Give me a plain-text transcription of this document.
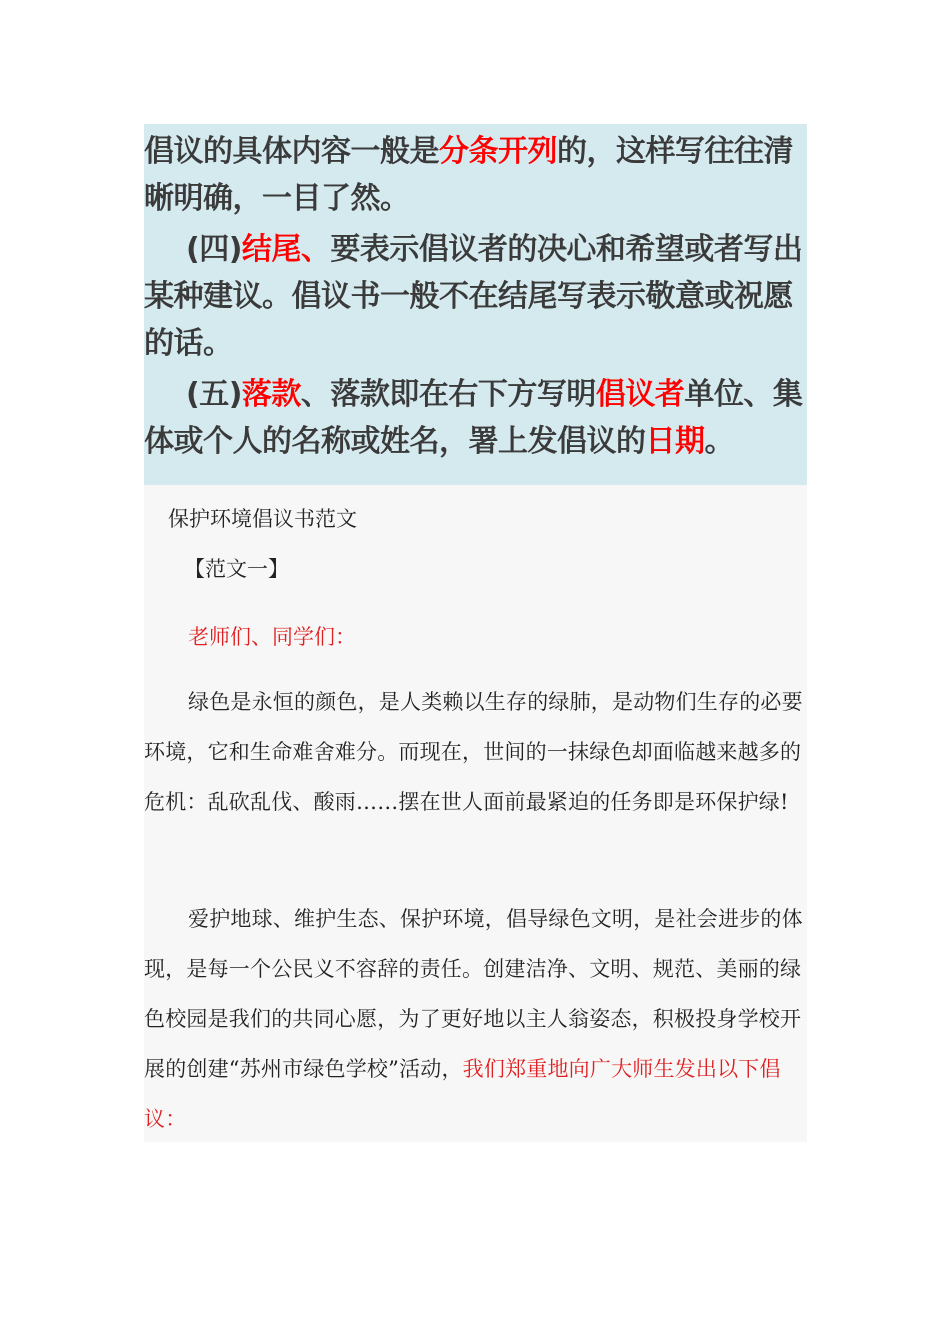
倡议的具体内容一般是分条开列的，这样写往往清晰明确，一目了然。

(四)结尾、要表示倡议者的决心和希望或者写出某种建议。倡议书一般不在结尾写表示敬意或祝愿的话。

(五)落款、落款即在右下方写明倡议者单位、集体或个人的名称或姓名，署上发倡议的日期。

保护环境倡议书范文
【范文一】
老师们、同学们：

绿色是永恒的颜色，是人类赖以生存的绿肺，是动物们生存的必要环境，它和生命难舍难分。而现在，世间的一抹绿色却面临越来越多的危机：乱砍乱伐、酸雨……摆在世人面前最紧迫的任务即是环保护绿!

爱护地球、维护生态、保护环境，倡导绿色文明，是社会进步的体现，是每一个公民义不容辞的责任。创建洁净、文明、规范、美丽的绿色校园是我们的共同心愿，为了更好地以主人翁姿态，积极投身学校开展的创建“苏州市绿色学校”活动，我们郑重地向广大师生发出以下倡议：
